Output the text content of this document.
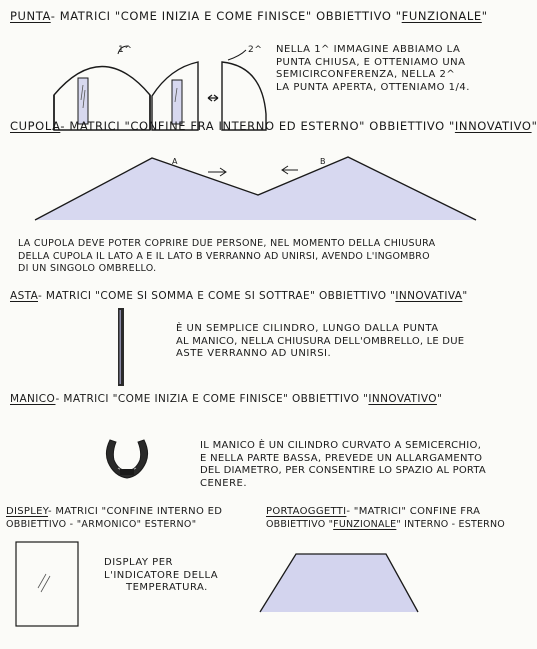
PUNTA- MATRICI "COME INIZIA E COME FINISCE" OBBIETTIVO "FUNZIONALE"
1^	2^ NELLA 1^ IMMAGINE ABBIAMO LA
PUNTA CHIUSA, E OTTENIAMO UNA
SEMICIRCONFERENZA, NELLA 2^
LA PUNTA APERTA, OTTENIAMO 1/4.
CUPOLA- MATRICI "CONFINE FRA INTERNO ED ESTERNO" OBBIETTIVO "INNOVATIVO"
A	B
LA CUPOLA DEVE POTER COPRIRE DUE PERSONE, NEL MOMENTO DELLA CHIUSURA
DELLA CUPOLA IL LATO A E IL LATO B VERRANNO AD UNIRSI, AVENDO L'INGOMBRO
DI UN SINGOLO OMBRELLO.
ASTA- MATRICI "COME SI SOMMA E COME SI SOTTRAE" OBBIETTIVO "INNOVATIVA"
È UN SEMPLICE CILINDRO, LUNGO DALLA PUNTA
AL MANICO, NELLA CHIUSURA DELL'OMBRELLO, LE DUE
ASTE VERRANNO AD UNIRSI.
MANICO- MATRICI "COME INIZIA E COME FINISCE" OBBIETTIVO "INNOVATIVO"
IL MANICO È UN CILINDRO CURVATO A SEMICERCHIO,
E NELLA PARTE BASSA, PREVEDE UN ALLARGAMENTO
DEL DIAMETRO, PER CONSENTIRE LO SPAZIO AL PORTA
CENERE.
DISPLEY- MATRICI "CONFINE INTERNO ED
OBBIETTIVO - "ARMONICO" ESTERNO"
DISPLAY PER
L'INDICATORE DELLA
TEMPERATURA.
PORTAOGGETTI- "MATRICI" CONFINE FRA
OBBIETTIVO "FUNZIONALE" INTERNO - ESTERNO
